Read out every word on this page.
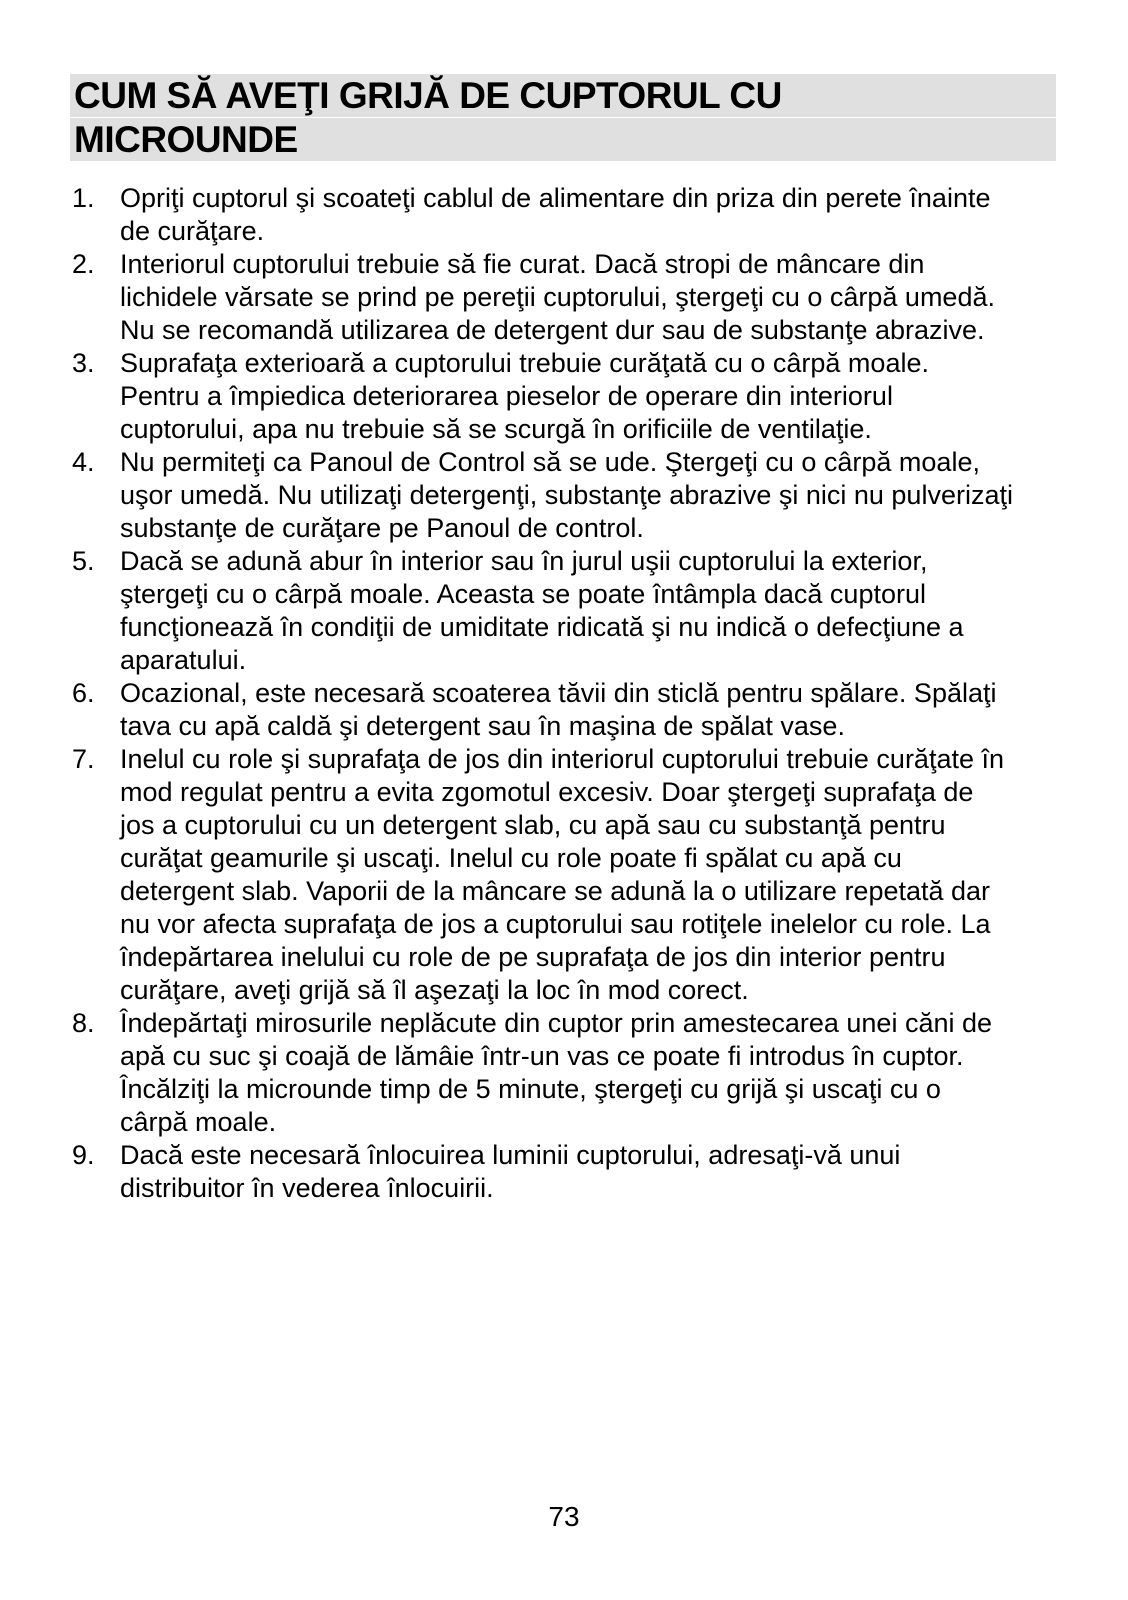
CUM SĂ AVEŢI GRIJĂ DE CUPTORUL CU
MICROUNDE
Opriţi cuptorul şi scoateţi cablul de alimentare din priza din perete înainte de curăţare.
Interiorul cuptorului trebuie să fie curat. Dacă stropi de mâncare din lichidele vărsate se prind pe pereţii cuptorului, ştergeţi cu o cârpă umedă. Nu se recomandă utilizarea de detergent dur sau de substanţe abrazive.
Suprafaţa exterioară a cuptorului trebuie curăţată cu o cârpă moale. Pentru a împiedica deteriorarea pieselor de operare din interiorul cuptorului, apa nu trebuie să se scurgă în orificiile de ventilaţie.
Nu permiteţi ca Panoul de Control să se ude. Ştergeţi cu o cârpă moale, uşor umedă. Nu utilizaţi detergenţi, substanţe abrazive şi nici nu pulverizaţi substanţe de curăţare pe Panoul de control.
Dacă se adună abur în interior sau în jurul uşii cuptorului la exterior, ştergeţi cu o cârpă moale. Aceasta se poate întâmpla dacă cuptorul funcţionează în condiţii de umiditate ridicată şi nu indică o defecţiune a aparatului.
Ocazional, este necesară scoaterea tăvii din sticlă pentru spălare. Spălaţi tava cu apă caldă şi detergent sau în maşina de spălat vase.
Inelul cu role şi suprafaţa de jos din interiorul cuptorului trebuie curăţate în mod regulat pentru a evita zgomotul excesiv. Doar ştergeţi suprafaţa de jos a cuptorului cu un detergent slab, cu apă sau cu substanţă pentru curăţat geamurile şi uscaţi. Inelul cu role poate fi spălat cu apă cu detergent slab. Vaporii de la mâncare se adună la o utilizare repetată dar nu vor afecta suprafaţa de jos a cuptorului sau rotiţele inelelor cu role. La îndepărtarea inelului cu role de pe suprafaţa de jos din interior pentru curăţare, aveţi grijă să îl aşezaţi la loc în mod corect.
Îndepărtaţi mirosurile neplăcute din cuptor prin amestecarea unei căni de apă cu suc şi coajă de lămâie într-un vas ce poate fi introdus în cuptor. Încălziţi la microunde timp de 5 minute, ştergeţi cu grijă şi uscaţi cu o cârpă moale.
Dacă este necesară înlocuirea luminii cuptorului, adresaţi-vă unui distribuitor în vederea înlocuirii.
73
